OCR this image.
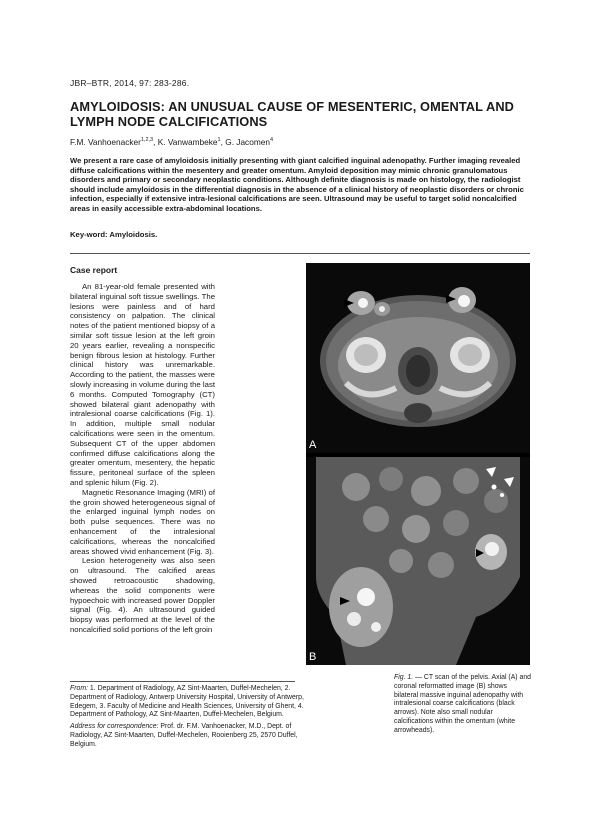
JBR–BTR, 2014, 97: 283-286.
AMYLOIDOSIS: AN UNUSUAL CAUSE OF MESENTERIC, OMENTAL AND LYMPH NODE CALCIFICATIONS
F.M. Vanhoenacker$^{1,2,3}$, K. Vanwambeke$^1$, G. Jacomen$^4$

We present a rare case of amyloidosis initially presenting with giant calcified inguinal adenopathy. Further imaging revealed diffuse calcifications within the mesentery and greater omentum. Amyloid deposition may mimic chronic granulomatous disorders and primary or secondary neoplastic conditions. Although definite diagnosis is made on histology, the radiologist should include amyloidosis in the differential diagnosis in the absence of a clinical history of neoplastic disorders or chronic infection, especially if extensive intra-lesional calcifications are seen. Ultrasound may be useful to target solid noncalcified areas in easily accessible extra-abdominal locations.

Key-word: Amyloidosis.
Case report

An 81-year-old female presented with bilateral inguinal soft tissue swellings. The lesions were painless and of hard consistency on palpation. The clinical notes of the patient mentioned biopsy of a similar soft tissue lesion at the left groin 20 years earlier, revealing a nonspecific benign fibrous lesion at histology. Further clinical history was unremarkable. According to the patient, the masses were slowly increasing in volume during the last 6 months. Computed Tomography (CT) showed bilateral giant adenopathy with intralesional coarse calcifications (Fig. 1). In addition, multiple small nodular calcifications were seen in the omentum. Subsequent CT of the upper abdomen confirmed diffuse calcifications along the greater omentum, mesentery, the hepatic fissure, peritoneal surface of the spleen and splenic hilum (Fig. 2).

Magnetic Resonance Imaging (MRI) of the groin showed heterogeneous signal of the enlarged inguinal lymph nodes on both pulse sequences. There was no enhancement of the intralesional calcifications, whereas the noncalcified areas showed vivid enhancement (Fig. 3).

Lesion heterogeneity was also seen on ultrasound. The calcified areas showed retroacoustic shadowing, whereas the solid components were hypoechoic with increased power Doppler signal (Fig. 4). An ultrasound guided biopsy was performed at the level of the noncalcified solid portions of the left groin

A
B

From: 1. Department of Radiology, AZ Sint-Maarten, Duffel-Mechelen, 2. Department of Radiology, Antwerp University Hospital, University of Antwerp, Edegem, 3. Faculty of Medicine and Health Sciences, University of Ghent, 4. Department of Pathology, AZ Sint-Maarten, Duffel-Mechelen, Belgium.

Address for correspondence: Prof. dr. F.M. Vanhoenacker, M.D., Dept. of Radiology, AZ Sint-Maarten, Duffel-Mechelen, Rooienberg 25, 2570 Duffel, Belgium.

Fig. 1. — CT scan of the pelvis. Axial (A) and coronal reformatted image (B) shows bilateral massive inguinal adenopathy with intralesional coarse calcifications (black arrows). Note also small nodular calcifications within the omentum (white arrowheads).
